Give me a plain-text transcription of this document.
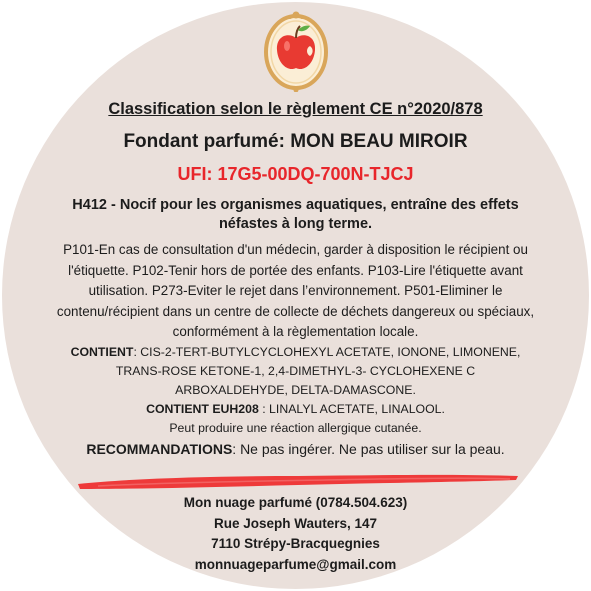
Classification selon le règlement CE n°2020/878
Fondant parfumé: MON BEAU MIROIR
UFI: 17G5-00DQ-700N-TJCJ
H412 - Nocif pour les organismes aquatiques, entraîne des effets
néfastes à long terme.
P101-En cas de consultation d'un médecin, garder à disposition le récipient ou
l'étiquette. P102-Tenir hors de portée des enfants. P103-Lire l'étiquette avant
utilisation. P273-Eviter le rejet dans l’environnement. P501-Eliminer le
contenu/récipient dans un centre de collecte de déchets dangereux ou spéciaux,
conformément à la règlementation locale.
CONTIENT: CIS-2-TERT-BUTYLCYCLOHEXYL ACETATE, IONONE, LIMONENE,
TRANS-ROSE KETONE-1, 2,4-DIMETHYL-3- CYCLOHEXENE C
ARBOXALDEHYDE, DELTA-DAMASCONE.
CONTIENT EUH208 : LINALYL ACETATE, LINALOOL.
Peut produire une réaction allergique cutanée.
RECOMMANDATIONS: Ne pas ingérer. Ne pas utiliser sur la peau.
Mon nuage parfumé (0784.504.623)
Rue Joseph Wauters, 147
7110 Strépy-Bracquegnies
monnuageparfume@gmail.com
